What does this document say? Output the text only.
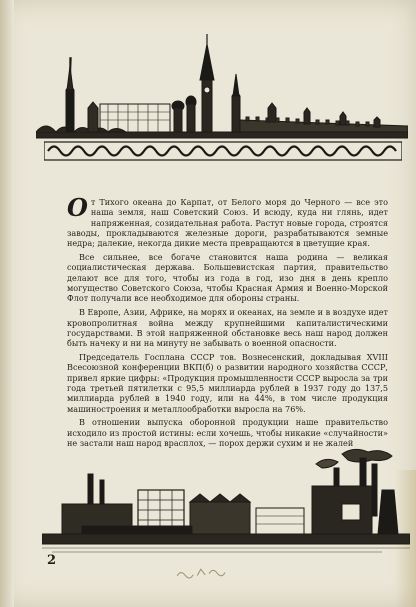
От Тихого океана до Карпат, от Белого моря до Черного — все это наша земля, наш Советский Союз. И всюду, куда ни глянь, идет напряженная, созидательная работа. Растут новые города, строятся заводы, прокладываются железные дороги, разрабатываются земные недра; далекие, некогда дикие места превращаются в цветущие края.

Все сильнее, все богаче становится наша родина — великая социалистическая держава. Большевистская партия, правительство делают все для того, чтобы из года в год, изо дня в день крепло могущество Советского Союза, чтобы Красная Армия и Военно-Морской Флот получали все необходимое для обороны страны.

В Европе, Азии, Африке, на морях и океанах, на земле и в воздухе идет кровопролитная война между крупнейшими капиталистическими государствами. В этой напряженной обстановке весь наш народ должен быть начеку и ни на минуту не забывать о военной опасности.

Председатель Госплана СССР тов. Вознесенский, докладывая XVIII Всесоюзной конференции ВКП(б) о развитии народного хозяйства СССР, привел яркие цифры: «Продукция промышленности СССР выросла за три года третьей пятилетки с 95,5 миллиарда рублей в 1937 году до 137,5 миллиарда рублей в 1940 году, или на 44%, в том числе продукция машиностроения и металлообработки выросла на 76%.

В отношении выпуска оборонной продукции наше правительство исходило из простой истины: если хочешь, чтобы никакие «случайности» не застали наш народ врасплох, — порох держи сухим и не жалей

2
